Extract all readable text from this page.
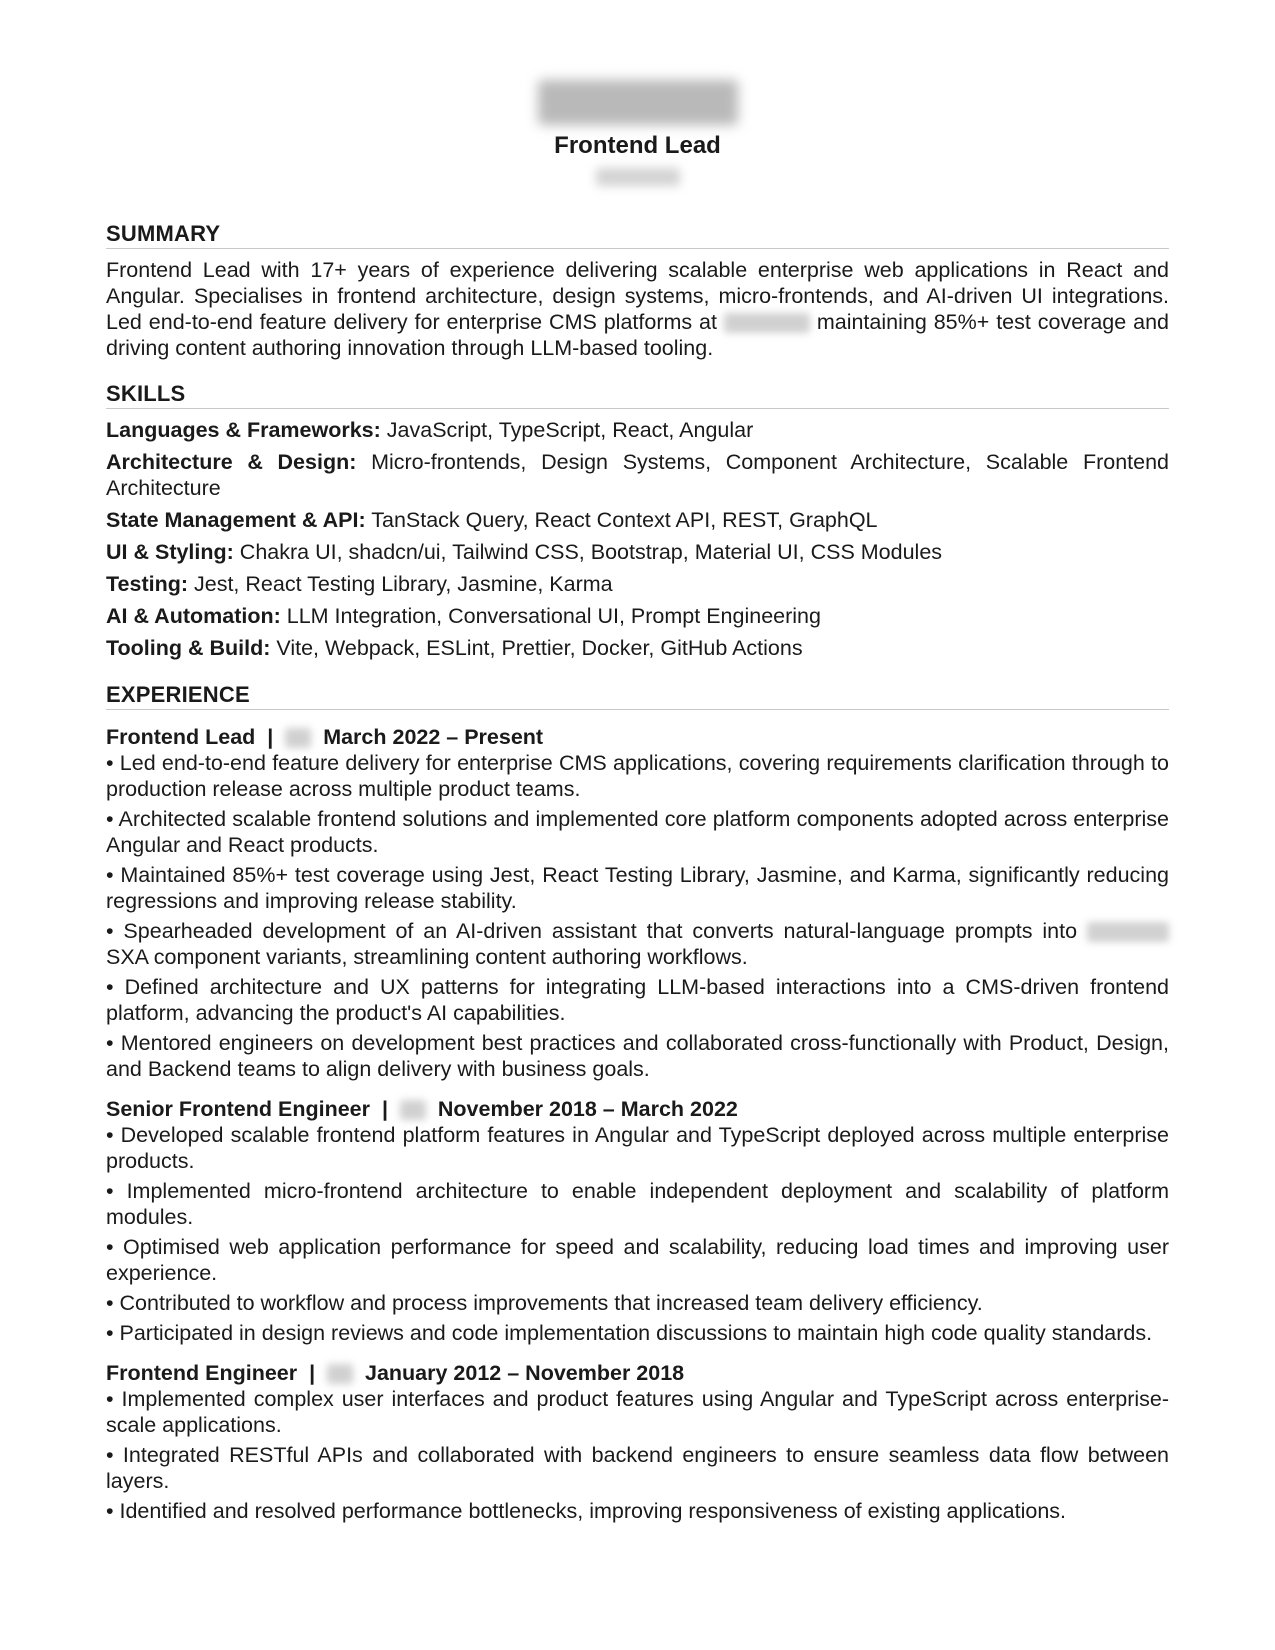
Frontend Lead
SUMMARY

Frontend Lead with 17+ years of experience delivering scalable enterprise web applications in React and Angular. Specialises in frontend architecture, design systems, micro-frontends, and AI-driven UI integrations. Led end-to-end feature delivery for enterprise CMS platforms at	maintaining 85%+ test coverage and driving content authoring innovation through LLM-based tooling.

SKILLS
Languages & Frameworks: JavaScript, TypeScript, React, Angular
Architecture & Design: Micro-frontends, Design Systems, Component Architecture, Scalable Frontend Architecture
State Management & API: TanStack Query, React Context API, REST, GraphQL
UI & Styling: Chakra UI, shadcn/ui, Tailwind CSS, Bootstrap, Material UI, CSS Modules
Testing: Jest, React Testing Library, Jasmine, Karma
AI & Automation: LLM Integration, Conversational UI, Prompt Engineering
Tooling & Build: Vite, Webpack, ESLint, Prettier, Docker, GitHub Actions
EXPERIENCE
Frontend Lead | March 2022 – Present

• Led end-to-end feature delivery for enterprise CMS applications, covering requirements clarification through to production release across multiple product teams.

• Architected scalable frontend solutions and implemented core platform components adopted across enterprise Angular and React products.

• Maintained 85%+ test coverage using Jest, React Testing Library, Jasmine, and Karma, significantly reducing regressions and improving release stability.

• Spearheaded development of an AI-driven assistant that converts natural-language prompts into  SXA component variants, streamlining content authoring workflows.

• Defined architecture and UX patterns for integrating LLM-based interactions into a CMS-driven frontend platform, advancing the product's AI capabilities.

• Mentored engineers on development best practices and collaborated cross-functionally with Product, Design, and Backend teams to align delivery with business goals.

Senior Frontend Engineer | November 2018 – March 2022

• Developed scalable frontend platform features in Angular and TypeScript deployed across multiple enterprise products.

• Implemented micro-frontend architecture to enable independent deployment and scalability of platform modules.

• Optimised web application performance for speed and scalability, reducing load times and improving user experience.

• Contributed to workflow and process improvements that increased team delivery efficiency.

• Participated in design reviews and code implementation discussions to maintain high code quality standards.

Frontend Engineer | January 2012 – November 2018

• Implemented complex user interfaces and product features using Angular and TypeScript across enterprise-scale applications.

• Integrated RESTful APIs and collaborated with backend engineers to ensure seamless data flow between layers.

• Identified and resolved performance bottlenecks, improving responsiveness of existing applications.
